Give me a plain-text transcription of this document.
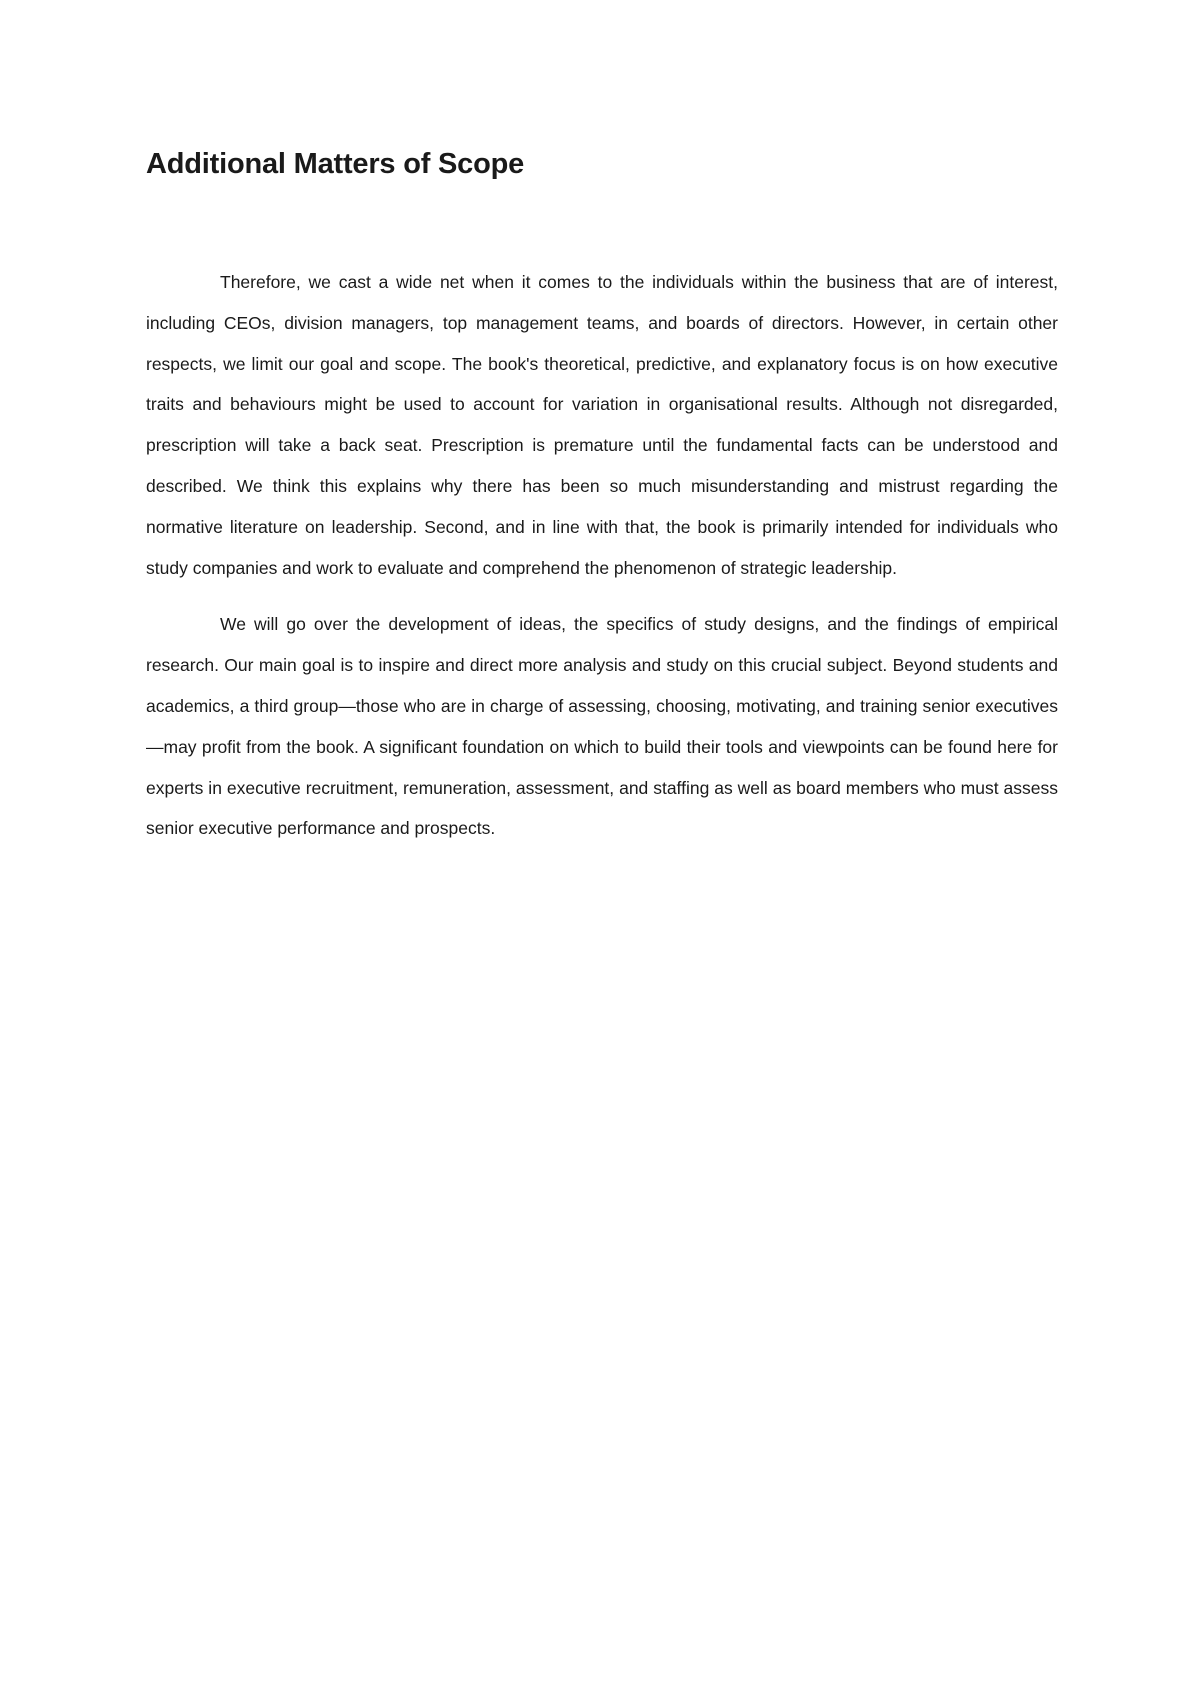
Additional Matters of Scope

Therefore, we cast a wide net when it comes to the individuals within the business that are of interest, including CEOs, division managers, top management teams, and boards of directors. However, in certain other respects, we limit our goal and scope. The book's theoretical, predictive, and explanatory focus is on how executive traits and behaviours might be used to account for variation in organisational results. Although not disregarded, prescription will take a back seat. Prescription is premature until the fundamental facts can be understood and described. We think this explains why there has been so much misunderstanding and mistrust regarding the normative literature on leadership. Second, and in line with that, the book is primarily intended for individuals who study companies and work to evaluate and comprehend the phenomenon of strategic leadership.

We will go over the development of ideas, the specifics of study designs, and the findings of empirical research. Our main goal is to inspire and direct more analysis and study on this crucial subject. Beyond students and academics, a third group—those who are in charge of assessing, choosing, motivating, and training senior executives—may profit from the book. A significant foundation on which to build their tools and viewpoints can be found here for experts in executive recruitment, remuneration, assessment, and staffing as well as board members who must assess senior executive performance and prospects.
